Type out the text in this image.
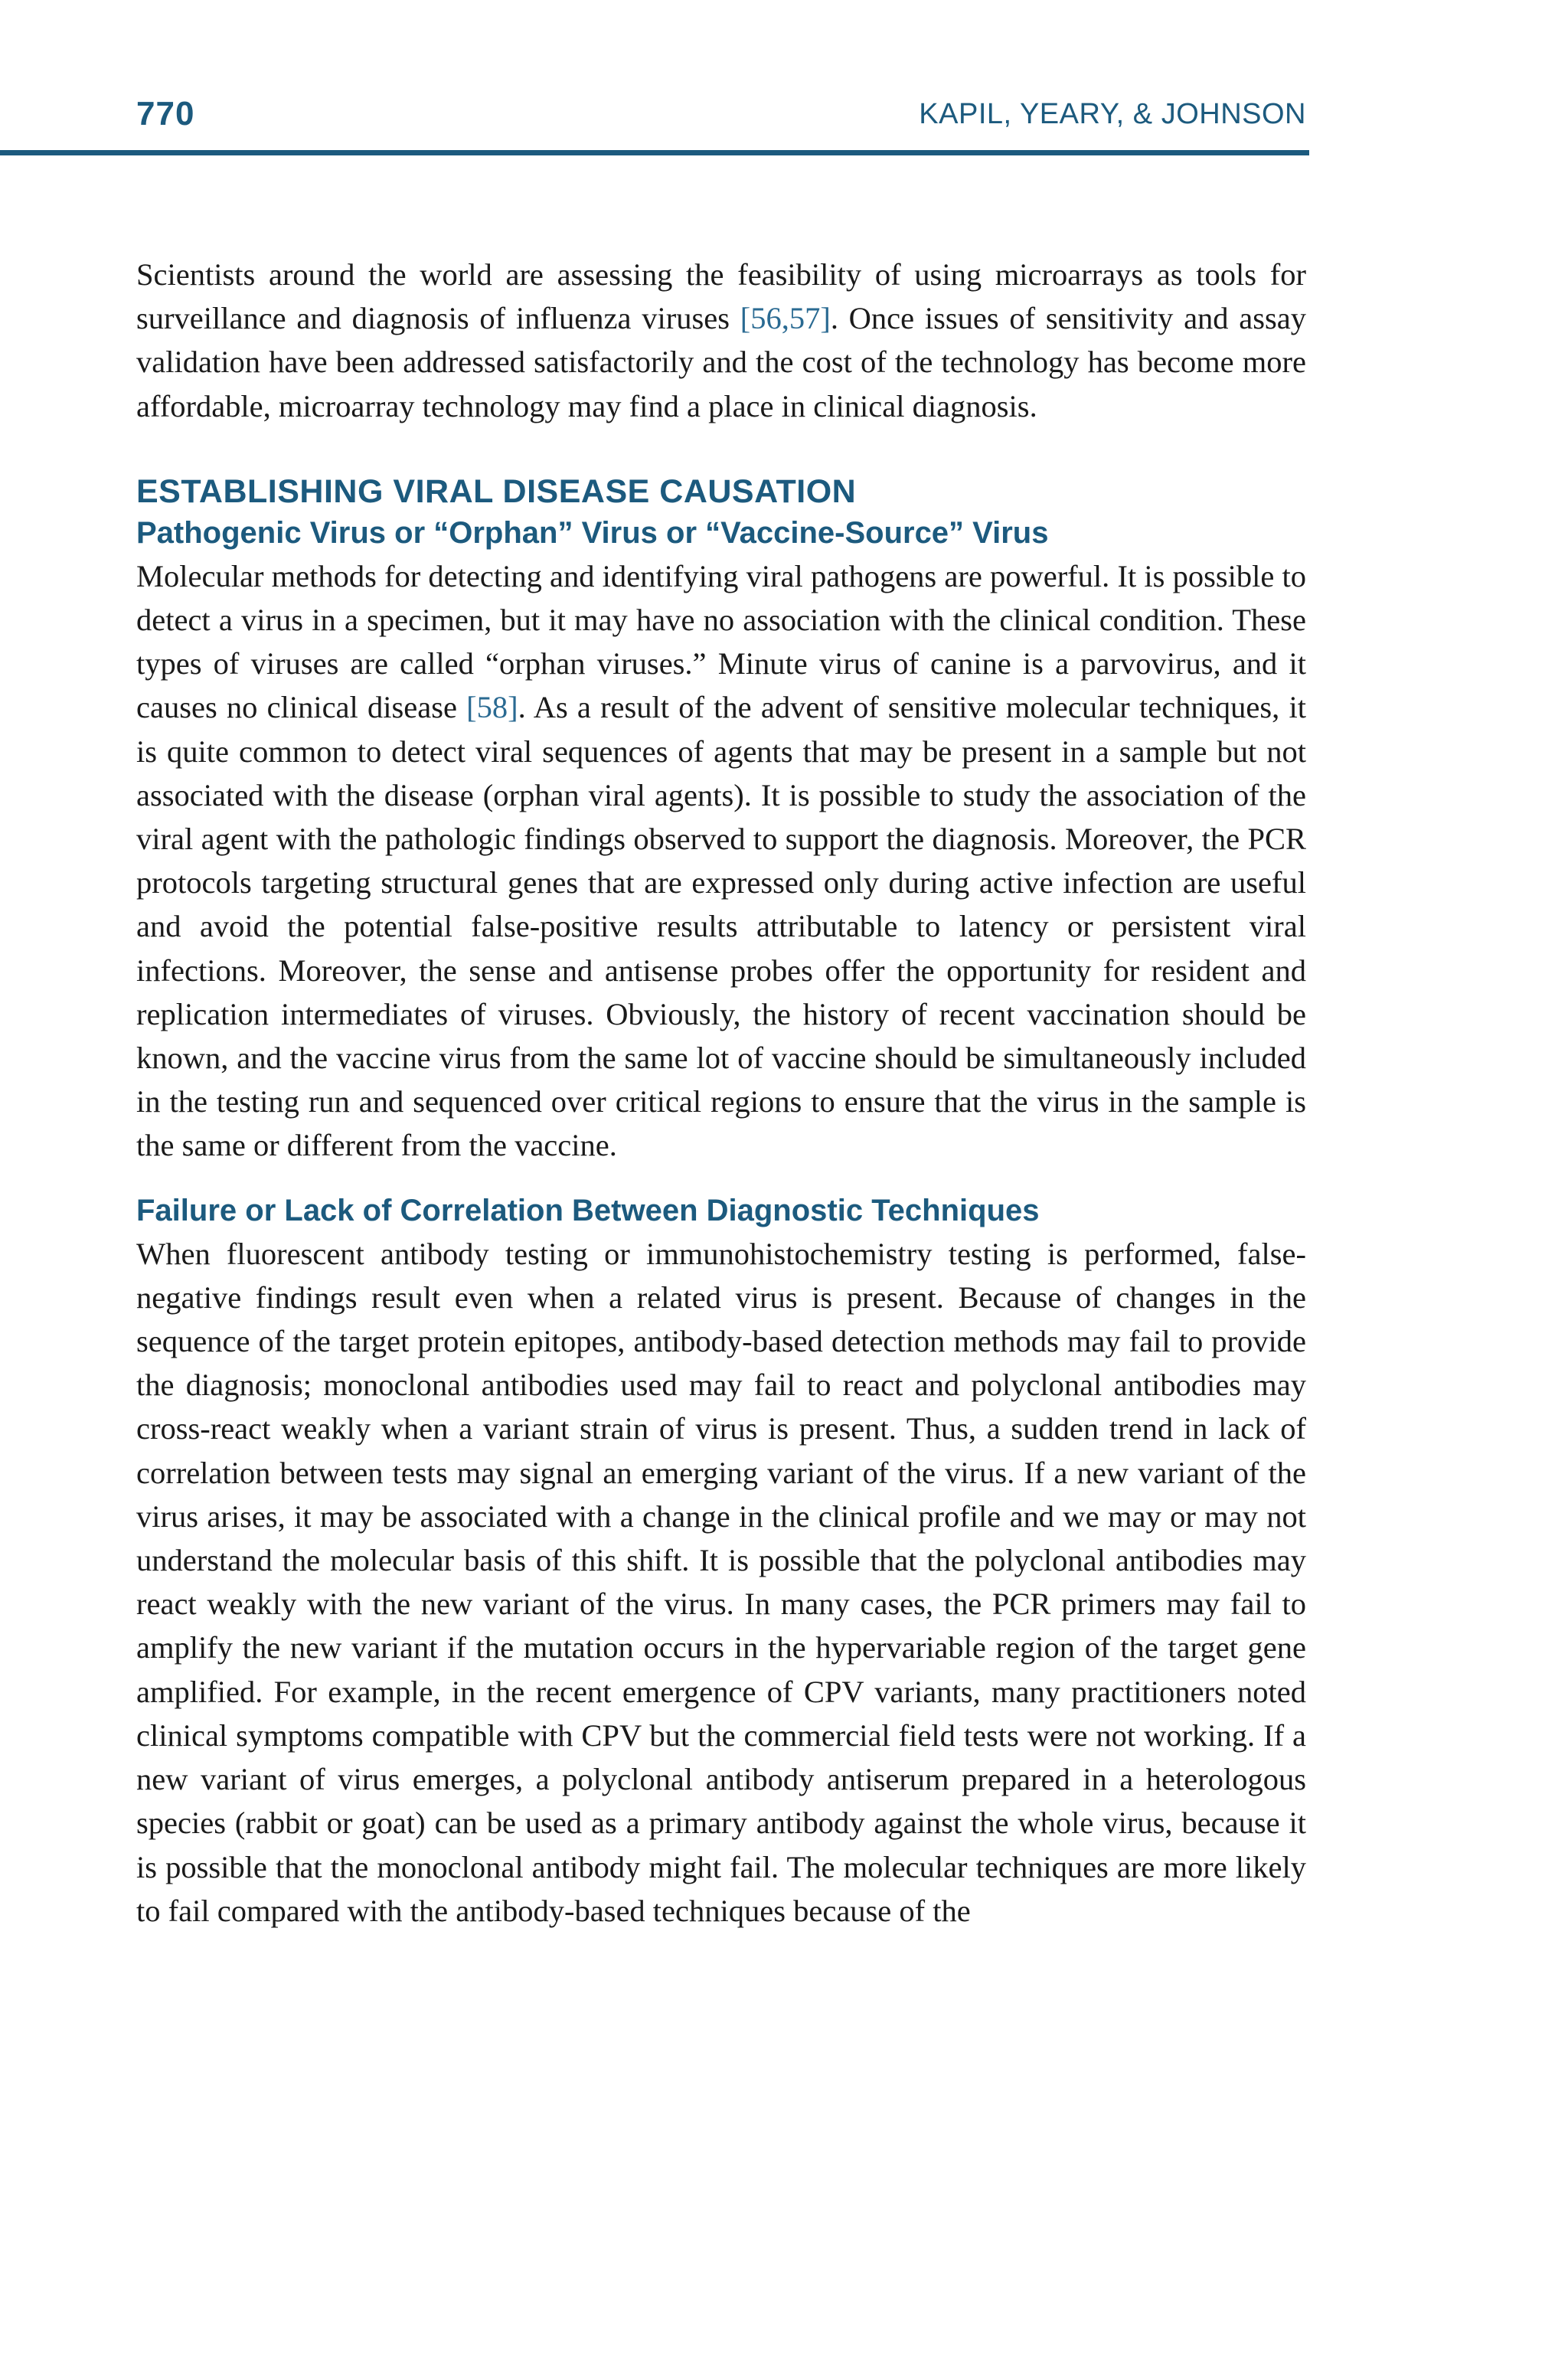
770	KAPIL, YEARY, & JOHNSON

Scientists around the world are assessing the feasibility of using microarrays as tools for surveillance and diagnosis of influenza viruses [56,57]. Once issues of sensitivity and assay validation have been addressed satisfactorily and the cost of the technology has become more affordable, microarray technology may find a place in clinical diagnosis.

ESTABLISHING VIRAL DISEASE CAUSATION
Pathogenic Virus or “Orphan” Virus or “Vaccine-Source” Virus

Molecular methods for detecting and identifying viral pathogens are powerful. It is possible to detect a virus in a specimen, but it may have no association with the clinical condition. These types of viruses are called “orphan viruses.” Minute virus of canine is a parvovirus, and it causes no clinical disease [58]. As a result of the advent of sensitive molecular techniques, it is quite common to detect viral sequences of agents that may be present in a sample but not associated with the disease (orphan viral agents). It is possible to study the association of the viral agent with the pathologic findings observed to support the diagnosis. Moreover, the PCR protocols targeting structural genes that are expressed only during active infection are useful and avoid the potential false-positive results attributable to latency or persistent viral infections. Moreover, the sense and antisense probes offer the opportunity for resident and replication intermediates of viruses. Obviously, the history of recent vaccination should be known, and the vaccine virus from the same lot of vaccine should be simultaneously included in the testing run and sequenced over critical regions to ensure that the virus in the sample is the same or different from the vaccine.

Failure or Lack of Correlation Between Diagnostic Techniques

When fluorescent antibody testing or immunohistochemistry testing is performed, false-negative findings result even when a related virus is present. Because of changes in the sequence of the target protein epitopes, antibody-based detection methods may fail to provide the diagnosis; monoclonal antibodies used may fail to react and polyclonal antibodies may cross-react weakly when a variant strain of virus is present. Thus, a sudden trend in lack of correlation between tests may signal an emerging variant of the virus. If a new variant of the virus arises, it may be associated with a change in the clinical profile and we may or may not understand the molecular basis of this shift. It is possible that the polyclonal antibodies may react weakly with the new variant of the virus. In many cases, the PCR primers may fail to amplify the new variant if the mutation occurs in the hypervariable region of the target gene amplified. For example, in the recent emergence of CPV variants, many practitioners noted clinical symptoms compatible with CPV but the commercial field tests were not working. If a new variant of virus emerges, a polyclonal antibody antiserum prepared in a heterologous species (rabbit or goat) can be used as a primary antibody against the whole virus, because it is possible that the monoclonal antibody might fail. The molecular techniques are more likely to fail compared with the antibody-based techniques because of the
